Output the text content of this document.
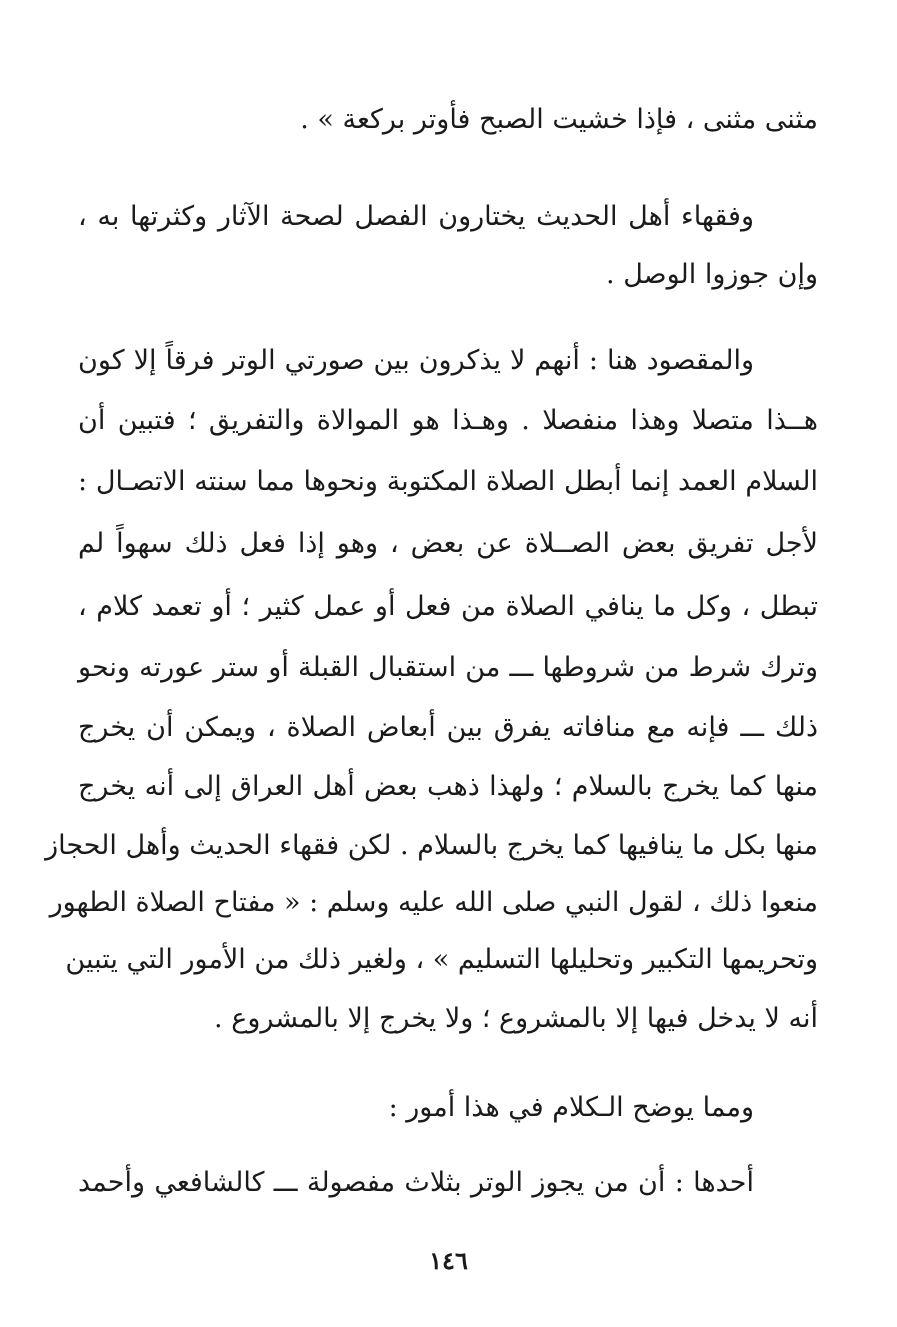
مثنى مثنى ، فإذا خشيت الصبح فأوتر بركعة » .
وفقهاء أهل الحديث يختارون الفصل لصحة الآثار وكثرتها به ،
وإن جوزوا الوصل .
والمقصود هنا : أنهم لا يذكرون بين صورتي الوتر فرقاً إلا كون
هــذا متصلا وهذا منفصلا . وهـذا هو الموالاة والتفريق ؛ فتبين أن
السلام العمد إنما أبطل الصلاة المكتوبة ونحوها مما سنته الاتصـال :
لأجل تفريق بعض الصــلاة عن بعض ، وهو إذا فعل ذلك سهواً لم
تبطل ، وكل ما ينافي الصلاة من فعل أو عمل كثير ؛ أو تعمد كلام ،
وترك شرط من شروطها ـــ من استقبال القبلة أو ستر عورته ونحو
ذلك ـــ فإنه مع منافاته يفرق بين أبعاض الصلاة ، ويمكن أن يخرج
منها كما يخرج بالسلام ؛ ولهذا ذهب بعض أهل العراق إلى أنه يخرج
منها بكل ما ينافيها كما يخرج بالسلام . لكن فقهاء الحديث وأهل الحجاز
منعوا ذلك ، لقول النبي صلى الله عليه وسلم : « مفتاح الصلاة الطهور
وتحريمها التكبير وتحليلها التسليم » ، ولغير ذلك من الأمور التي يتبين
أنه لا يدخل فيها إلا بالمشروع ؛ ولا يخرج إلا بالمشروع .
ومما يوضح الـكلام في هذا أمور :
أحدها : أن من يجوز الوتر بثلاث مفصولة ـــ كالشافعي وأحمد
١٤٦
